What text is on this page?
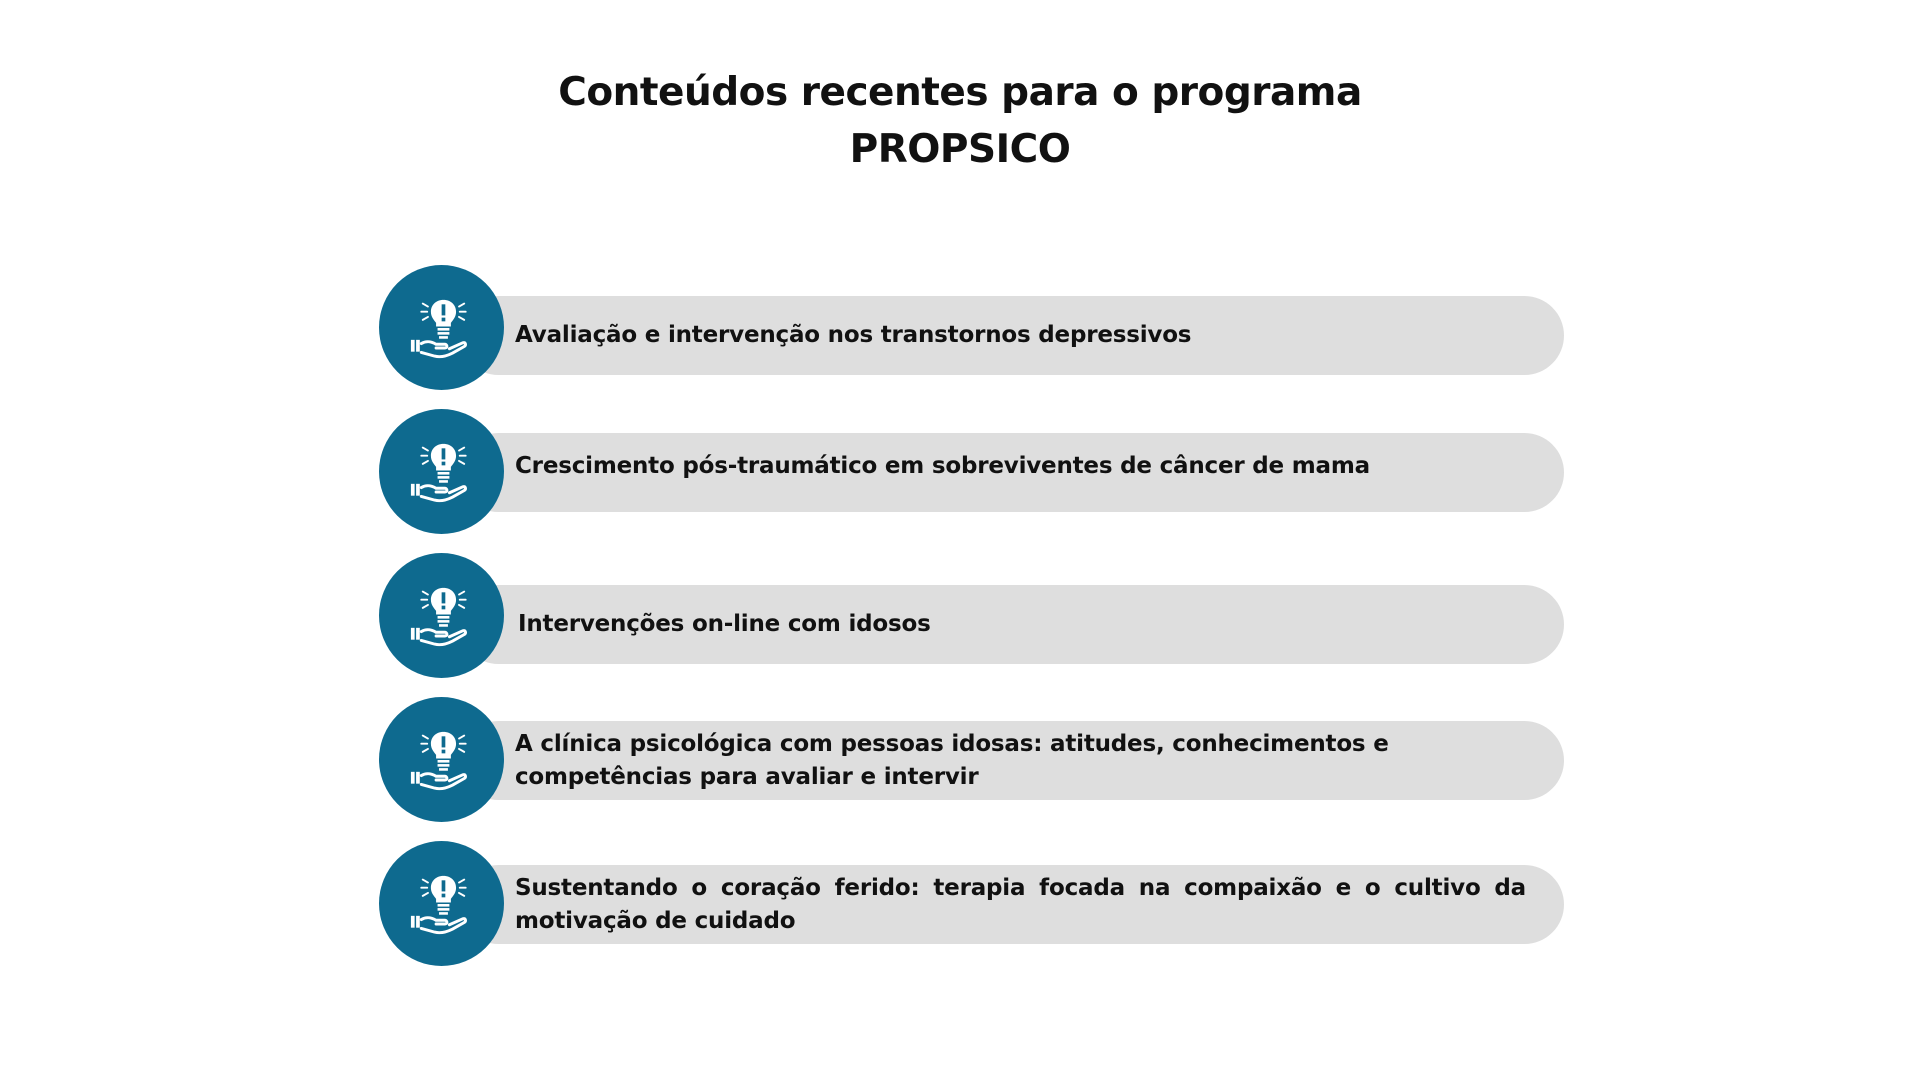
Conteúdos recentes para o programa
PROPSICO
Avaliação e intervenção nos transtornos depressivos
Crescimento pós-traumático em sobreviventes de câncer de mama
Intervenções on-line com idosos
A clínica psicológica com pessoas idosas: atitudes, conhecimentos e competências para avaliar e intervir
Sustentando o coração ferido: terapia focada na compaixão e o cultivo da motivação de cuidado
